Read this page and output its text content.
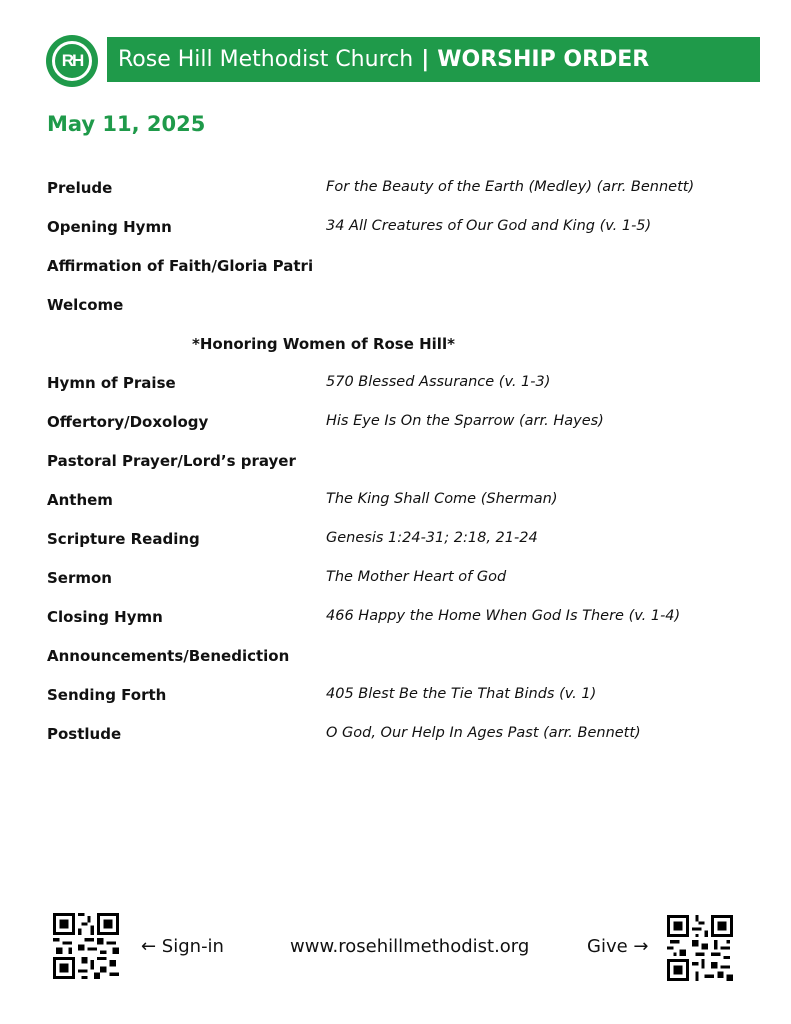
RH Rose Hill Methodist Church | WORSHIP ORDER
May 11, 2025
Prelude	For the Beauty of the Earth (Medley) (arr. Bennett)
Opening Hymn	34 All Creatures of Our God and King (v. 1-5)
Affirmation of Faith/Gloria Patri
Welcome
*Honoring Women of Rose Hill*
Hymn of Praise	570 Blessed Assurance (v. 1-3)
Offertory/Doxology	His Eye Is On the Sparrow (arr. Hayes)
Pastoral Prayer/Lord’s prayer
Anthem	The King Shall Come (Sherman)
Scripture Reading	Genesis 1:24-31; 2:18, 21-24
Sermon	The Mother Heart of God
Closing Hymn	466 Happy the Home When God Is There (v. 1-4)
Announcements/Benediction
Sending Forth	405 Blest Be the Tie That Binds (v. 1)
Postlude	O God, Our Help In Ages Past (arr. Bennett)
← Sign-in	www.rosehillmethodist.org	Give →
